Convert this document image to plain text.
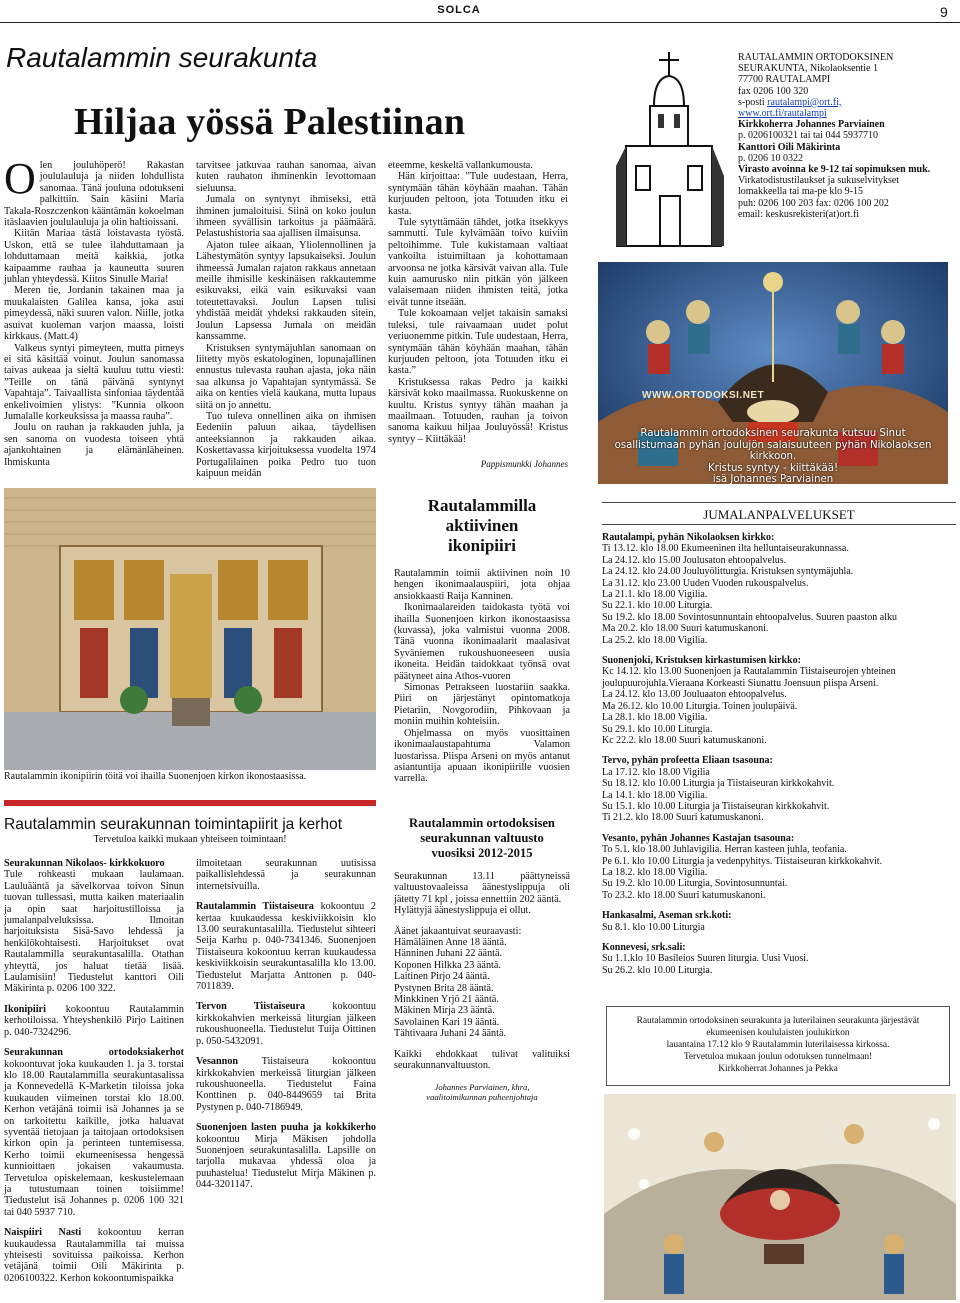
SOLCA	9
Rautalammin seurakunta	RAUTALAMMIN ORTODOKSINEN
SEURAKUNTA, Nikolaoksentie 1
77700 RAUTALAMPI
fax 0206 100 320
s-posti rautalampi@ort.fi,
www.ort.fi/rautalampi
Kirkkoherra Johannes Parviainen
p. 0206100321 tai tai 044 5937710
Kanttori Oili Mäkirinta
p. 0206 10 0322
Virasto avoinna ke 9-12 tai sopimuksen muk.
Virkatodistustilaukset ja sukuselvitykset
lomakkeella tai ma-pe klo 9-15
puh: 0206 100 203 fax: 0206 100 202
email: keskusrekisteri(at)ort.fi
Hiljaa yössä Palestiinan
O len jouluhöperö! Rakastan joululauluja ja niiden lohdullista sanomaa. Tänä jouluna odotukseni palkittiin. Sain käsiini Maria Takala-Roszczenkon kääntämän kokoelman itäslaavien joululauluja ja olin haltioissani.

Kiitän Mariaa tästä loistavasta työstä. Uskon, että se tulee ilahduttamaan ja lohduttamaan meitä kaikkia, jotka kaipaamme rauhaa ja kauneutta suuren juhlan yhteydessä. Kiitos Sinulle Maria!

Meren tie, Jordanin takainen maa ja muukalaisten Galilea kansa, joka asui pimeydessä, näki suuren valon. Niille, jotka asuivat kuoleman varjon maassa, loisti kirkkaus. (Matt.4)

Valkeus syntyi pimeyteen, mutta pimeys ei sitä käsittää voinut. Joulun sanomassa taivas aukeaa ja sieltä kuuluu tuttu viesti: ”Teille on tänä päivänä syntynyt Vapahtaja”. Taivaallista sinfoniaa täydentää enkelivoimien ylistys: ”Kunnia olkoon Jumalalle korkeuksissa ja maassa rauha”.

Joulu on rauhan ja rakkauden juhla, ja sen sanoma on vuodesta toiseen yhtä ajankohtainen ja elämänläheinen. Ihmiskunta

tarvitsee jatkuvaa rauhan sanomaa, aivan kuten rauhaton ihminenkin levottomaan sieluunsa.

Jumala on syntynyt ihmiseksi, että ihminen jumaloituisi. Siinä on koko joulun ihmeen syvällisin tarkoitus ja päämäärä. Pelastushistoria saa ajallisen ilmaisunsa.

Ajaton tulee aikaan, Yliolennollinen ja Lähestymätön syntyy lapsukaiseksi. Joulun ihmeessä Jumalan rajaton rakkaus annetaan meille ihmisille keskinäisen rakkautemme esikuvaksi, eikä vain esikuvaksi vaan toteutettavaksi. Joulun Lapsen tulisi yhdistää meidät yhdeksi rakkauden sitein, Joulun Lapsessa Jumala on meidän kanssamme.

Kristuksen syntymäjuhlan sanomaan on liitetty myös eskatologinen, lopunajallinen ennustus tulevasta rauhan ajasta, joka näin saa alkunsa jo Vapahtajan syntymässä. Se aika on kenties vielä kaukana, mutta lupaus siitä on jo annettu.

Tuo tuleva onnellinen aika on ihmisen Eedeniin paluun aikaa, täydellisen anteeksiannon ja rakkauden aikaa. Koskettavassa kirjoituksessa vuodelta 1974 Portugalilainen poika Pedro tuo tuon kaipuun meidän

eteemme, keskeltä vallankumousta.

Hän kirjoittaa: ”Tule uudestaan, Herra, syntymään tähän köyhään maahan. Tähän kurjuuden peltoon, jota Totuuden itku ei kasta.

Tule sytyttämään tähdet, jotka itsekkyys sammutti. Tule kylvämään toivo kuiviin peltoihimme. Tule kukistamaan valtiaat vankoilta istuimiltaan ja kohottamaan arvoonsa ne jotka kärsivät vaivan alla. Tule kuin aamurusko niin pitkän yön jälkeen valaisemaan niiden ihmisten teitä, jotka eivät tunne itseään.

Tule kokoamaan veljet takaisin samaksi tuleksi, tule raivaamaan uudet polut veriuonemme pitkin. Tule uudestaan, Herra, syntymään tähän köyhään maahan, tähän kurjuuden peltoon, jota Totuuden itku ei kasta.”

Kristuksessa rakas Pedro ja kaikki kärsivät koko maailmassa. Ruokuskenne on kuultu. Kristus syntyy tähän maahan ja maailmaan. Totuuden, rauhan ja toivon sanoma kaikuu hiljaa Jouluyössä! Kristus syntyy – Kiittäkää!

Pappismunkki Johannes
WWW.ORTODOKSI.NET
Rautalammin ortodoksinen seurakunta kutsuu Sinut
osallistumaan pyhän joulujön salaisuuteen pyhän Nikolaoksen kirkkoon.
Kristus syntyy - kiittäkää!
isä Johannes Parviainen
Rautalammin ikonipiirin töitä voi ihailla Suonenjoen kirkon ikonostaasissa.
Rautalammilla
aktiivinen
ikonipiiri

Rautalammin toimii aktiivinen noin 10 hengen ikonimaalauspiiri, jota ohjaa ansiokkaasti Raija Kanninen.

Ikonimaalareiden taidokasta työtä voi ihailla Suonenjoen kirkon ikonostaasissa (kuvassa), joka valmistui vuonna 2008. Tänä vuonna ikonimaalarit maalasivat Syväniemen rukoushuoneeseen uusia ikoneita. Heidän taidokkaat työnsä ovat päätyneet aina Athos-vuoren

Simonas Petrakseen luostariin saakka. Piiri on järjestänyt opintomatkoja Pietariin, Novgorodiin, Pihkovaan ja moniin muihin kohteisiin.

Ohjelmassa on myös vuosittainen ikonimaalaustapahtuma Valamon luostarissa. Piispa Arseni on myös antanut asiantuntija apuaan ikonipiirille vuosien varrella.

JUMALANPALVELUKSET
Rautalampi, pyhän Nikolaoksen kirkko:
Ti 13.12. klo 18.00 Ekumeeninen ilta helluntaiseurakunnassa.
La 24.12. klo 15.00 Joulusaton ehtoopalvelus.
La 24.12. klo 24.00 Jouluyölitturgia. Kristuksen syntymäjuhla.
La 31.12. klo 23.00 Uuden Vuoden rukouspalvelus.
La 21.1. klo 18.00 Vigilia.
Su 22.1. klo 10.00 Liturgia.
Su 19.2. klo 18.00 Sovintosunnuntain ehtoopalvelus. Suuren paaston alku
Ma 20.2. klo 18.00 Suuri katumuskanoni.
La 25.2. klo 18.00 Vigilia.
Suonenjoki, Kristuksen kirkastumisen kirkko:
Kc 14.12. klo 13.00 Suonenjoen ja Rautalammin Tiistaiseurojen yhteinen
joulupuurojuhla.Vieraana Korkeasti Siunattu Joensuun piispa Arseni.
La 24.12. klo 13.00 Jouluaaton ehtoopalvelus.
Ma 26.12. klo 10.00 Liturgia. Toinen joulupäivä.
La 28.1. klo 18.00 Vigilia.
Su 29.1. klo 10.00 Liturgia.
Kc 22.2. klo 18.00 Suuri katumuskanoni.
Tervo, pyhän profeetta Eliaan tsasouna:
La 17.12. klo 18.00 Vigilia
Su 18.12. klo 10.00 Liturgia ja Tiistaiseuran kirkkokahvit.
La 14.1. klo 18.00 Vigilia.
Su 15.1. klo 10.00 Liturgia ja Tiistaiseuran kirkkokahvit.
Ti 21.2. klo 18.00 Suuri katumuskanoni.
Vesanto, pyhän Johannes Kastajan tsasouna:
To 5.1. klo 18.00 Juhlavigilia. Herran kasteen juhla, teofania.
Pe 6.1. klo 10.00 Liturgia ja vedenpyhitys. Tiistaiseuran kirkkokahvit.
La 18.2. klo 18.00 Vigilia.
Su 19.2. klo 10.00 Liturgia, Sovintosunnuntai.
To 23.2. klo 18.00 Suuri katumuskanoni.
Hankasalmi, Aseman srk.koti:
Su 8.1. klo 10.00 Liturgia
Konnevesi, srk.sali:
Su 1.1.klo 10 Basileios Suuren liturgia. Uusi Vuosi.
Su 26.2. klo 10.00 Liturgia.
Rautalammin ortodoksinen seurakunta ja luterilainen seurakunta järjestävät
ekumeenisen koululaisten joulukirkon
lauantaina 17.12 klo 9 Rautalammin luterilaisessa kirkossa.
Tervetuloa mukaan joulun odotuksen tunnelmaan!
Kirkkoherrat Johannes ja Pekka
Rautalammin seurakunnan toimintapiirit ja kerhot
Tervetuloa kaikki mukaan yhteiseen toimintaan!
Seurakunnan Nikolaos- kirkkokuoro
Tule rohkeasti mukaan laulamaan. Lauluääntä ja sävelkorvaa toivon Sinun tuovan tullessasi, mutta kaiken materiaalin ja opin saat harjoitustilloissa ja jumalanpalveluksissa. Ilmoitan harjoituksista Sisä-Savo lehdessä ja henkilökohtaisesti. Harjoitukset ovat Rautalammilla seurakuntasalilla. Otathan yhteyttä, jos haluat tietää lisää. Laulamisiin! Tiedustelut kanttori Oili Mäkirinta p. 0206 100 322.
Ikonipiiri kokoontuu Rautalammin kerhotiloissa. Yhteyshenkilö Pirjo Laitinen p. 040-7324296.
Seurakunnan ortodoksiakerhot kokoontuvat joka kuukauden 1. ja 3. torstai klo 18.00 Rautalammilla seurakuntasalissa ja Konnevedellä K-Marketin tiloissa joka kuukauden viimeinen torstai klo 18.00. Kerhon vetäjänä toimii isä Johannes ja se on tarkoitettu kaikille, jotka haluavat syventää tietojaan ja taitojaan ortodoksisen kirkon opin ja perinteen tuntemisessa. Kerho toimii ekumeenisessa hengessä kunnioittaen jokaisen vakaumusta. Tervetuloa opiskelemaan, keskustelemaan ja tutustumaan toinen toisiimme! Tiedustelut isä Johannes p. 0206 100 321 tai 040 5937 710.
Naispiiri Nasti kokoontuu kerran kuukaudessa Rautalammilla tai muissa yhteisesti sovituissa paikoissa. Kerhon vetäjänä toimii Oili Mäkirinta p. 0206100322. Kerhon kokoontumispaikka
ilmoitetaan seurakunnan uutisissa paikallislehdessä ja seurakunnan internetsivuilla.
Rautalammin Tiistaiseura kokoontuu 2 kertaa kuukaudessa keskiviikkoisin klo 13.00 seurakuntasalilla. Tiedustelut sihteeri Seija Karhu p. 040-7341346. Suonenjoen Tiistaiseura kokoontuu kerran kuukaudessa keskiviikkoisin seurakuntasalilla klo 13.00. Tiedustelut Marjatta Anttonen p. 040-7011839.
Tervon Tiistaiseura kokoontuu kirkkokahvien merkeissä liturgian jälkeen rukoushuoneella. Tiedustelut Tuija Oittinen p. 050-5432091.
Vesannon Tiistaiseura kokoontuu kirkkokahvien merkeissä liturgian jälkeen rukoushuoneella. Tiedustelut Faina Konttinen p. 040-8449659 tai Brita Pystynen p. 040-7186949.
Suonenjoen lasten puuha ja kokkikerho kokoontuu Mirja Mäkisen johdolla Suonenjoen seurakuntasalilla. Lapsille on tarjolla mukavaa yhdessä oloa ja puuhastelua! Tiedustelut Mirja Mäkinen p. 044-3201147.
Rautalammin ortodoksisen
seurakunnan valtuusto
vuosiksi 2012-2015
Seurakunnan 13.11 päättyneissä valtuustovaaleissa äänestyslippuja oli jätetty 71 kpl , joissa ennettiin 202 ääntä.
Hylättyjä äänestyslippuja ei ollut.
Äänet jakaantuivat seuraavasti:
Hämäläinen Anne 18 ääntä.
Hänninen Juhani 22 ääntä.
Koponen Hilkka 23 ääntä.
Laitinen Pirjo 24 ääntä.
Pystynen Brita 28 ääntä.
Minkkinen Yrjö 21 ääntä.
Mäkinen Mirja 23 ääntä.
Savolainen Kari 19 ääntä.
Tähtivaara Juhani 24 ääntä.
Kaikki ehdokkaat tulivat valituiksi seurakunnanvaltuuston.
Johannes Parviainen, khra,
vaalitoimikunnan puheenjohtaja
